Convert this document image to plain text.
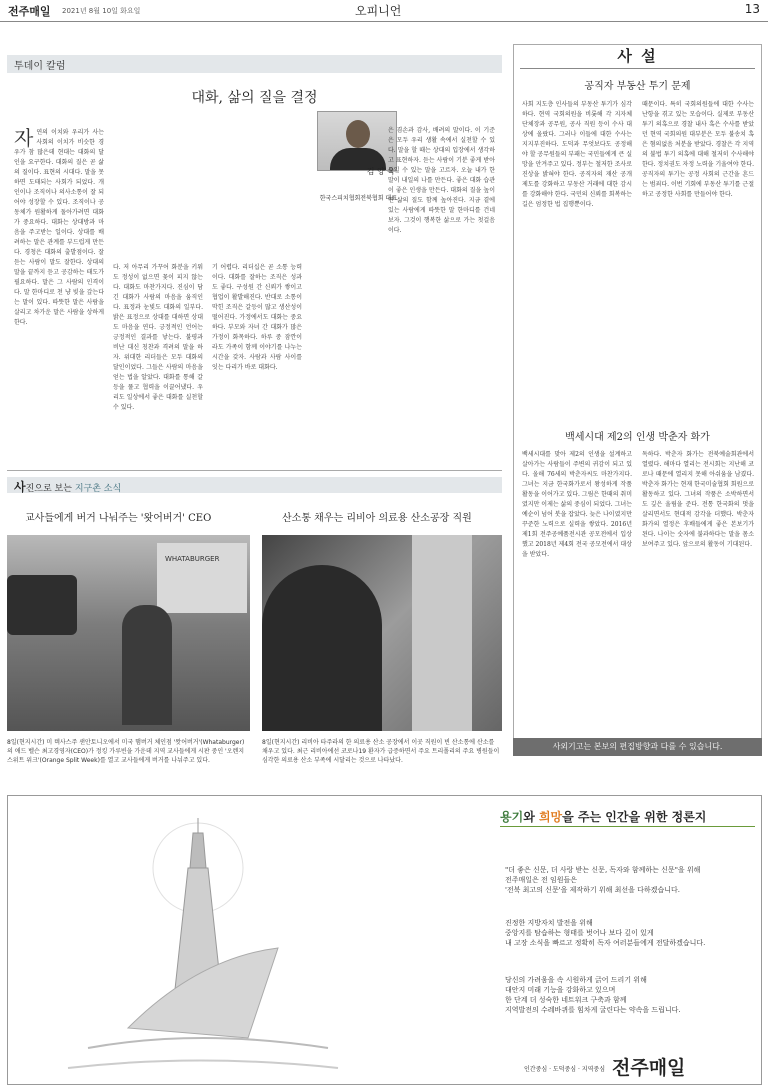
전주매일 2021년 8월 10일 화요일	오피니언	13
투데이 칼럼
대화, 삶의 질을 결정
김 양 옥
한국스피치협회전북협회 대표
자 연의 이치와 우리가 사는 사회의 이치가 비슷한 경우가 참 많은데 현대는 대화의 달인을 요구한다. 대화의 질은 곧 삶의 질이다. 표현의 시대다. 말을 못하면 도태되는 사회가 되었다. 개인이나 조직이나 의사소통이 잘 되어야 성장할 수 있다. 조직이나 공동체가 원활하게 돌아가려면 대화가 중요하다. 대화는 상대방과 마음을 주고받는 일이다. 상대를 배려하는 말은 관계를 부드럽게 만든다. 경청은 대화의 출발점이다. 잘 듣는 사람이 말도 잘한다. 상대의 말을 끝까지 듣고 공감하는 태도가 필요하다. 말은 그 사람의 인격이다. 말 한마디로 천 냥 빚을 갚는다는 말이 있다. 따뜻한 말은 사람을 살리고 차가운 말은 사람을 상하게 한다.
다. 저 아무리 가꾸어 화분을 키워도 정성이 없으면 꽃이 피지 않는다. 대화도 마찬가지다. 진심이 담긴 대화가 사람의 마음을 움직인다. 표정과 눈빛도 대화의 일부다. 밝은 표정으로 상대를 대하면 상대도 마음을 연다. 긍정적인 언어는 긍정적인 결과를 낳는다. 불평과 비난 대신 칭찬과 격려의 말을 하자. 위대한 리더들은 모두 대화의 달인이었다. 그들은 사람의 마음을 얻는 법을 알았다. 대화를 통해 갈등을 풀고 협력을 이끌어냈다. 우리도 일상에서 좋은 대화를 실천할 수 있다.
기 어렵다. 리더십은 곧 소통 능력이다. 대화를 잘하는 조직은 성과도 좋다. 구성원 간 신뢰가 쌓이고 협업이 활발해진다. 반대로 소통이 막힌 조직은 갈등이 많고 생산성이 떨어진다. 가정에서도 대화는 중요하다. 부모와 자녀 간 대화가 많은 가정이 화목하다. 하루 중 잠깐이라도 가족이 함께 이야기를 나누는 시간을 갖자. 사람과 사람 사이를 잇는 다리가 바로 대화다.
은 겸손과 감사, 배려의 말이다. 이 기준은 모두 우리 생활 속에서 실천할 수 있다. 말을 할 때는 상대의 입장에서 생각하고 표현하자. 듣는 사람이 기분 좋게 받아들일 수 있는 말을 고르자. 오늘 내가 한 말이 내일의 나를 만든다. 좋은 대화 습관이 좋은 인생을 만든다. 대화의 질을 높이면 삶의 질도 함께 높아진다. 지금 곁에 있는 사람에게 따뜻한 말 한마디를 건네 보자. 그것이 행복한 삶으로 가는 첫걸음이다.
사진으로 보는 지구촌 소식
교사들에게 버거 나눠주는 '왓어버거' CEO	산소통 채우는 리비아 의료용 산소공장 직원
WHATABURGER
8일(현지시간) 미 텍사스주 샌안토니오에서 미국 햄버거 체인점 '왓어버거'(Whataburger)의 애드 벨슨 최고경영자(CEO)가 정킹 가루빈을 가운데 지역 교사들에게 시판 중인 '오렌지 스위트 위크'(Orange Split Week)를 열고 교사들에게 버거를 나눠주고 있다.
8일(현지시간) 리비아 타주라의 한 의료용 산소 공장에서 이곳 직원이 빈 산소통에 산소를 채우고 있다. 최근 리비아에선 코로나19 환자가 급증하면서 주요 트리폴리의 주요 병원들이 심각한 의료용 산소 부족에 시달리는 것으로 나타났다.
사 설
공직자 부동산 투기 문제
사회 지도층 인사들의 부동산 투기가 심각하다. 현역 국회의원을 비롯해 각 지자체 단체장과 공무원, 공사 직원 등이 수사 대상에 올랐다. 그러나 이들에 대한 수사는 지지부진하다. 도덕과 무엇보다도 공정해야 할 공무원들의 부패는 국민들에게 큰 실망을 안겨주고 있다. 정부는 철저한 조사로 진상을 밝혀야 한다. 공직자의 재산 공개 제도를 강화하고 부동산 거래에 대한 감시를 강화해야 한다. 국민의 신뢰를 회복하는 길은 엄정한 법 집행뿐이다.
때문이다. 특히 국회의원들에 대한 수사는 난항을 겪고 있는 모습이다. 실제로 부동산 투기 의혹으로 경찰 내사 혹은 수사를 받았던 현역 국회의원 대부분은 모두 불송치 혹은 혐의없음 처분을 받았다. 경찰은 각 지역의 불법 투기 의혹에 대해 철저히 수사해야 한다. 정치권도 자정 노력을 기울여야 한다. 공직자의 투기는 공정 사회의 근간을 흔드는 범죄다. 이번 기회에 부동산 투기를 근절하고 공정한 사회를 만들어야 한다.
백세시대 제2의 인생 박춘자 화가
백세시대를 맞아 제2의 인생을 설계하고 살아가는 사람들이 주변의 귀감이 되고 있다. 올해 76세의 박춘자씨도 마찬가지다. 그녀는 지금 한국화가로서 왕성하게 작품 활동을 이어가고 있다. 그림은 한때의 취미였지만 이제는 삶의 중심이 되었다. 그녀는 예순이 넘어 붓을 잡았다. 늦은 나이였지만 꾸준한 노력으로 실력을 쌓았다. 2016년 제1회 전주공예품전시관 공모전에서 입상했고 2018년 제4회 전국 공모전에서 대상을 받았다.
독하다. 박춘자 화가는 전북예술회관에서 열렸다. 해마다 열리는 전시회는 지난해 코로나 때문에 열리지 못해 아쉬움을 남겼다. 박춘자 화가는 현재 한국미술협회 회원으로 활동하고 있다. 그녀의 작품은 소박하면서도 깊은 울림을 준다. 전통 한국화의 멋을 살리면서도 현대적 감각을 더했다. 박춘자 화가의 열정은 후배들에게 좋은 본보기가 된다. 나이는 숫자에 불과하다는 말을 몸소 보여주고 있다. 앞으로의 활동이 기대된다.
사외기고는 본보의 편집방향과 다를 수 있습니다.
용기와 희망을 주는 인간을 위한 정론지
"더 좋은 신문, 더 사랑 받는 신문, 독자와 함께하는 신문"을 위해
전주매일은 전 임원들은
'전북 최고의 신문'을 제작하기 위해 최선을 다하겠습니다.
진정한 지방자치 발전을 위해
중앙지를 탐습하는 형태를 벗어나 보다 깊이 있게
내 고장 소식을 빠르고 정확히 독자 여러분들에게 전달하겠습니다.
당신의 가려움을 속 시원하게 긁어 드리기 위해
대안지 미래 기능을 강화하고 있으며
한 단계 더 성숙한 네트워크 구축과 함께
지역발전의 수레바퀴를 힘차게 굴린다는 약속을 드립니다.
인간중심 · 도덕중심 · 지역중심 전주매일
